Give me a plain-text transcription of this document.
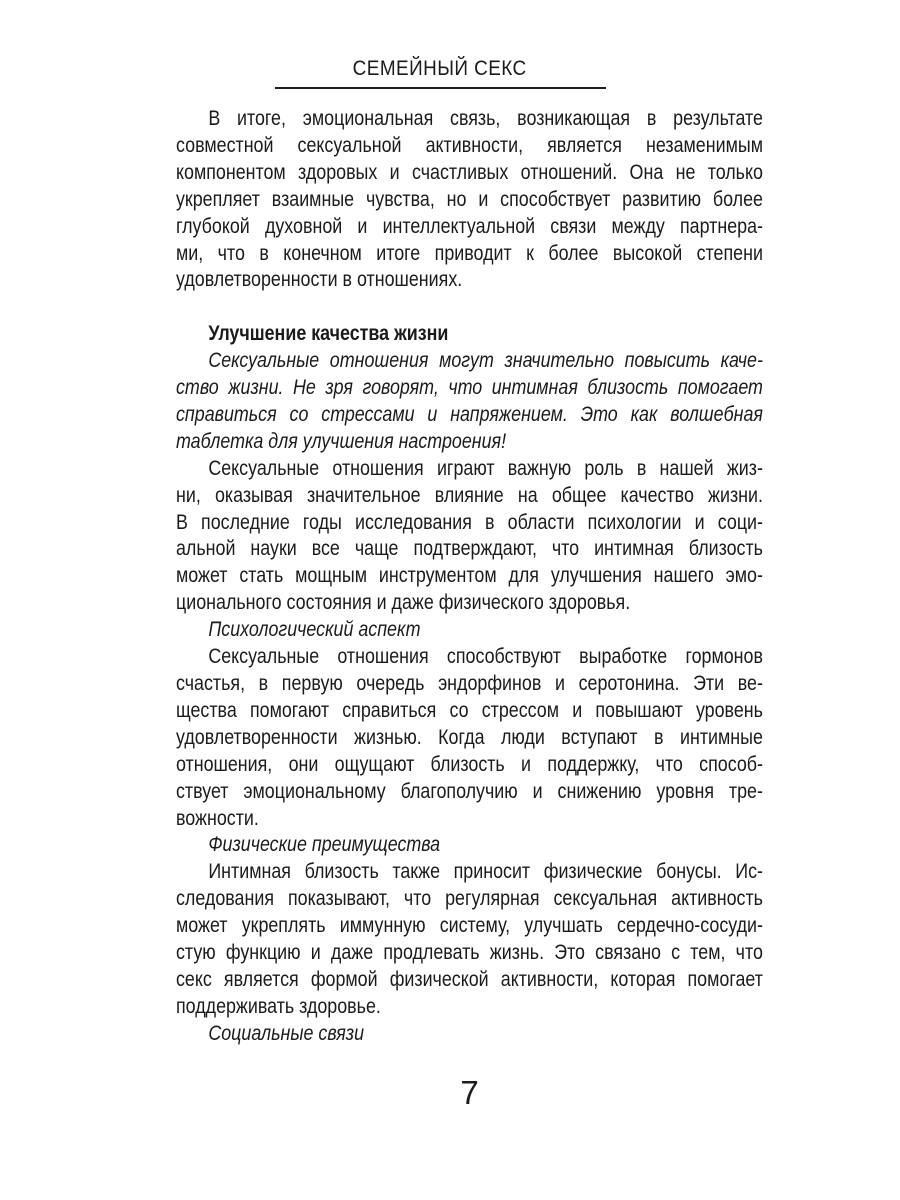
СЕМЕЙНЫЙ СЕКС
В итоге, эмоциональная связь, возникающая в результате
совместной сексуальной активности, является незаменимым
компонентом здоровых и счастливых отношений. Она не только
укрепляет взаимные чувства, но и способствует развитию более
глубокой духовной и интеллектуальной связи между партнера-
ми, что в конечном итоге приводит к более высокой степени
удовлетворенности в отношениях.
Улучшение качества жизни
Сексуальные отношения могут значительно повысить каче-
ство жизни. Не зря говорят, что интимная близость помогает
справиться со стрессами и напряжением. Это как волшебная
таблетка для улучшения настроения!
Сексуальные отношения играют важную роль в нашей жиз-
ни, оказывая значительное влияние на общее качество жизни.
В последние годы исследования в области психологии и соци-
альной науки все чаще подтверждают, что интимная близость
может стать мощным инструментом для улучшения нашего эмо-
ционального состояния и даже физического здоровья.
Психологический аспект
Сексуальные отношения способствуют выработке гормонов
счастья, в первую очередь эндорфинов и серотонина. Эти ве-
щества помогают справиться со стрессом и повышают уровень
удовлетворенности жизнью. Когда люди вступают в интимные
отношения, они ощущают близость и поддержку, что способ-
ствует эмоциональному благополучию и снижению уровня тре-
вожности.
Физические преимущества
Интимная близость также приносит физические бонусы. Ис-
следования показывают, что регулярная сексуальная активность
может укреплять иммунную систему, улучшать сердечно-сосуди-
стую функцию и даже продлевать жизнь. Это связано с тем, что
секс является формой физической активности, которая помогает
поддерживать здоровье.
Социальные связи
7
